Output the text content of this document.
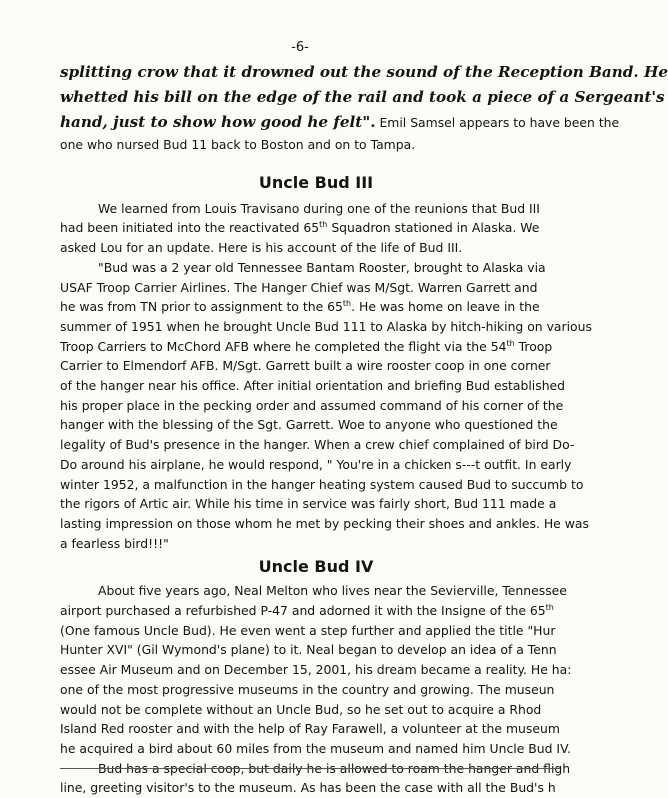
-6-
splitting crow that it drowned out the sound of the Reception Band. He
whetted his bill on the edge of the rail and took a piece of a Sergeant's
hand, just to show how good he felt". Emil Samsel appears to have been the
one who nursed Bud 11 back to Boston and on to Tampa.
Uncle Bud III
We learned from Louis Travisano during one of the reunions that Bud III
had been initiated into the reactivated 65th Squadron stationed in Alaska. We
asked Lou for an update. Here is his account of the life of Bud III.
"Bud was a 2 year old Tennessee Bantam Rooster, brought to Alaska via
USAF Troop Carrier Airlines. The Hanger Chief was M/Sgt. Warren Garrett and
he was from TN prior to assignment to the 65th. He was home on leave in the
summer of 1951 when he brought Uncle Bud 111 to Alaska by hitch-hiking on various
Troop Carriers to McChord AFB where he completed the flight via the 54th Troop
Carrier to Elmendorf AFB. M/Sgt. Garrett built a wire rooster coop in one corner
of the hanger near his office. After initial orientation and briefing Bud established
his proper place in the pecking order and assumed command of his corner of the
hanger with the blessing of the Sgt. Garrett. Woe to anyone who questioned the
legality of Bud's presence in the hanger. When a crew chief complained of bird Do-
Do around his airplane, he would respond, " You're in a chicken s---t outfit. In early
winter 1952, a malfunction in the hanger heating system caused Bud to succumb to
the rigors of Artic air. While his time in service was fairly short, Bud 111 made a
lasting impression on those whom he met by pecking their shoes and ankles. He was
a fearless bird!!!"
Uncle Bud IV
About five years ago, Neal Melton who lives near the Sevierville, Tennessee
airport purchased a refurbished P-47 and adorned it with the Insigne of the 65th
(One famous Uncle Bud). He even went a step further and applied the title "Hur
Hunter XVI" (Gil Wymond's plane) to it. Neal began to develop an idea of a Tenn
essee Air Museum and on December 15, 2001, his dream became a reality. He ha:
one of the most progressive museums in the country and growing. The museun
would not be complete without an Uncle Bud, so he set out to acquire a Rhod
Island Red rooster and with the help of Ray Farawell, a volunteer at the museum
he acquired a bird about 60 miles from the museum and named him Uncle Bud IV.
Bud has a special coop, but daily he is allowed to roam the hanger and fligh
line, greeting visitor's to the museum. As has been the case with all the Bud's h
